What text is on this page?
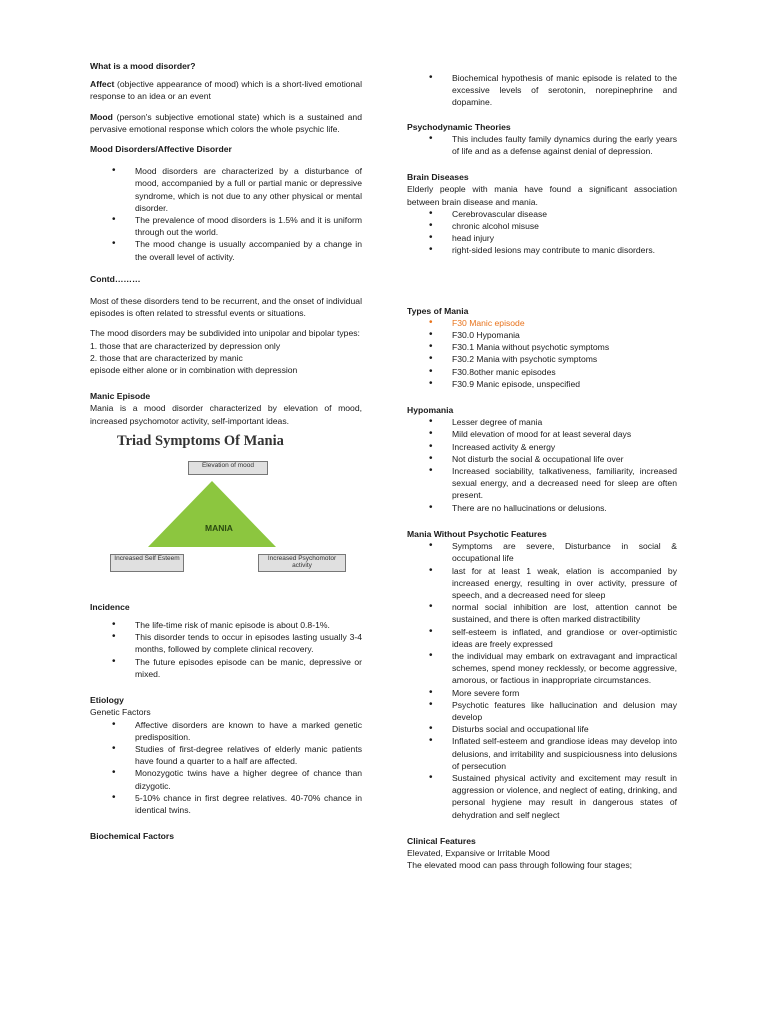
What is a mood disorder?

Affect (objective appearance of mood) which is a short-lived emotional response to an idea or an event

Mood (person's subjective emotional state) which is a sustained and pervasive emotional response which colors the whole psychic life.

Mood Disorders/Affective Disorder
• Mood disorders are characterized by a disturbance of mood, accompanied by a full or partial manic or depressive syndrome, which is not due to any other physical or mental disorder.
• The prevalence of mood disorders is 1.5% and it is uniform through out the world.
• The mood change is usually accompanied by a change in the overall level of activity.
Contd………

Most of these disorders tend to be recurrent, and the onset of individual episodes is often related to stressful events or situations.

The mood disorders may be subdivided into unipolar and bipolar types:
1. those that are characterized by depression only
2. those that are characterized by manic
episode either alone or in combination with depression

Manic Episode

Mania is a mood disorder characterized by elevation of mood, increased psychomotor activity, self-important ideas.

Triad Symptoms Of Mania
Elevation of mood
MANIA
Increased Self Esteem	Increased Psychomotor activity
Incidence
• The life-time risk of manic episode is about 0.8-1%.
• This disorder tends to occur in episodes lasting usually 3-4 months, followed by complete clinical recovery.
• The future episodes episode can be manic, depressive or mixed.
Etiology
Genetic Factors
• Affective disorders are known to have a marked genetic predisposition.
• Studies of first-degree relatives of elderly manic patients have found a quarter to a half are affected.
• Monozygotic twins have a higher degree of chance than dizygotic.
• 5-10% chance in first degree relatives. 40-70% chance in identical twins.
Biochemical Factors
• Biochemical hypothesis of manic episode is related to the excessive levels of serotonin, norepinephrine and dopamine.
Psychodynamic Theories
• This includes faulty family dynamics during the early years of life and as a defense against denial of depression.
Brain Diseases

Elderly people with mania have found a significant association between brain disease and mania.

• Cerebrovascular disease
• chronic alcohol misuse
• head injury
• right-sided lesions may contribute to manic disorders.
Types of Mania
• F30 Manic episode
• F30.0 Hypomania
• F30.1 Mania without psychotic symptoms
• F30.2 Mania with psychotic symptoms
• F30.8other manic episodes
• F30.9 Manic episode, unspecified
Hypomania
• Lesser degree of mania
• Mild elevation of mood for at least several days
• Increased activity & energy
• Not disturb the social & occupational life over
• Increased sociability, talkativeness, familiarity, increased sexual energy, and a decreased need for sleep are often present.
• There are no hallucinations or delusions.
Mania Without Psychotic Features
• Symptoms are severe, Disturbance in social & occupational life
• last for at least 1 weak, elation is accompanied by increased energy, resulting in over activity, pressure of speech, and a decreased need for sleep
• normal social inhibition are lost, attention cannot be sustained, and there is often marked distractibility
• self-esteem is inflated, and grandiose or over-optimistic ideas are freely expressed
• the individual may embark on extravagant and impractical schemes, spend money recklessly, or become aggressive, amorous, or factious in inappropriate circumstances.
• More severe form
• Psychotic features like hallucination and delusion may develop
• Disturbs social and occupational life
• Inflated self-esteem and grandiose ideas may develop into delusions, and irritability and suspiciousness into delusions of persecution
• Sustained physical activity and excitement may result in aggression or violence, and neglect of eating, drinking, and personal hygiene may result in dangerous states of dehydration and self neglect
Clinical Features
Elevated, Expansive or Irritable Mood
The elevated mood can pass through following four stages;
